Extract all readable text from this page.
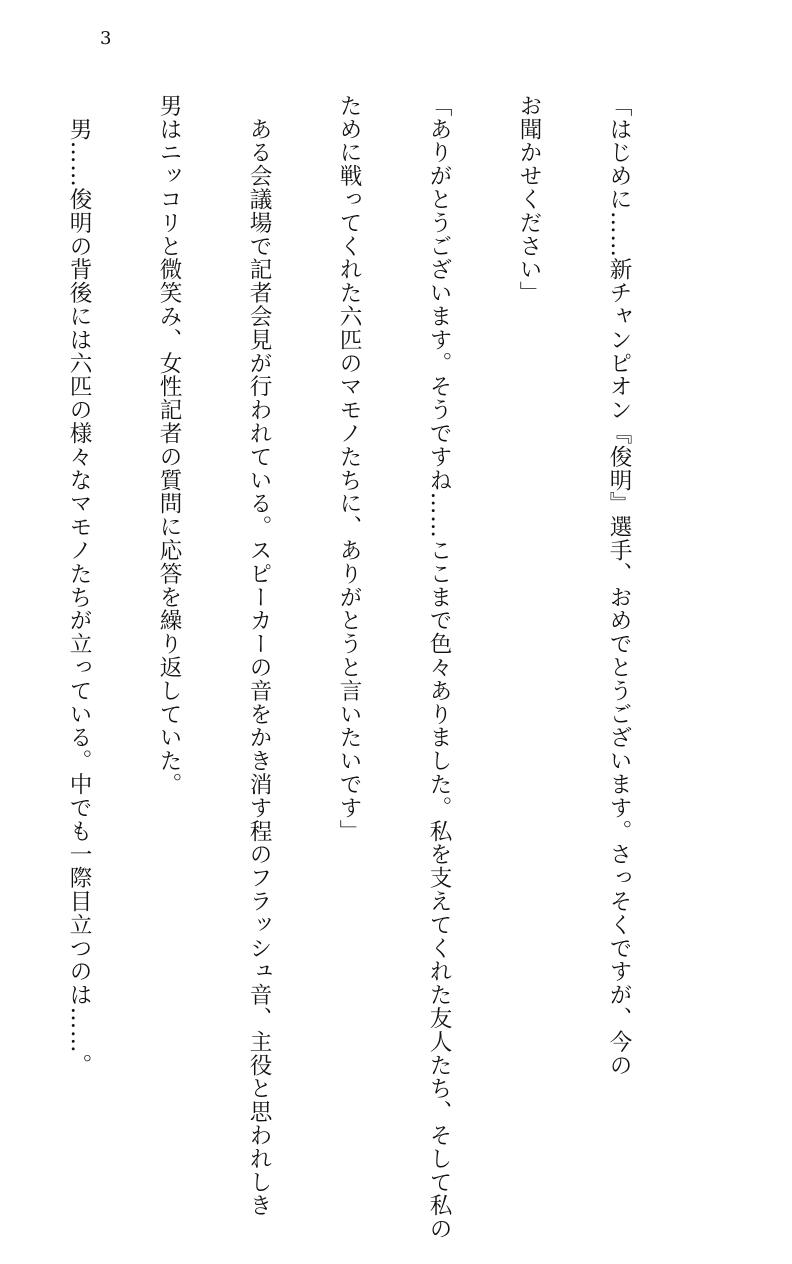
3

「はじめに……新チャンピオン『俊明』選手、おめでとうございます。さっそくですが、今の

お聞かせください」

「ありがとうございます。そうですね……ここまで色々ありました。私を支えてくれた友人たち、そして私の

ために戦ってくれた六匹のマモノたちに、ありがとうと言いたいです」

　ある会議場で記者会見が行われている。スピーカーの音をかき消す程のフラッシュ音、主役と思われしき

男はニッコリと微笑み、女性記者の質問に応答を繰り返していた。

　男……俊明の背後には六匹の様々なマモノたちが立っている。中でも一際目立つのは……。
